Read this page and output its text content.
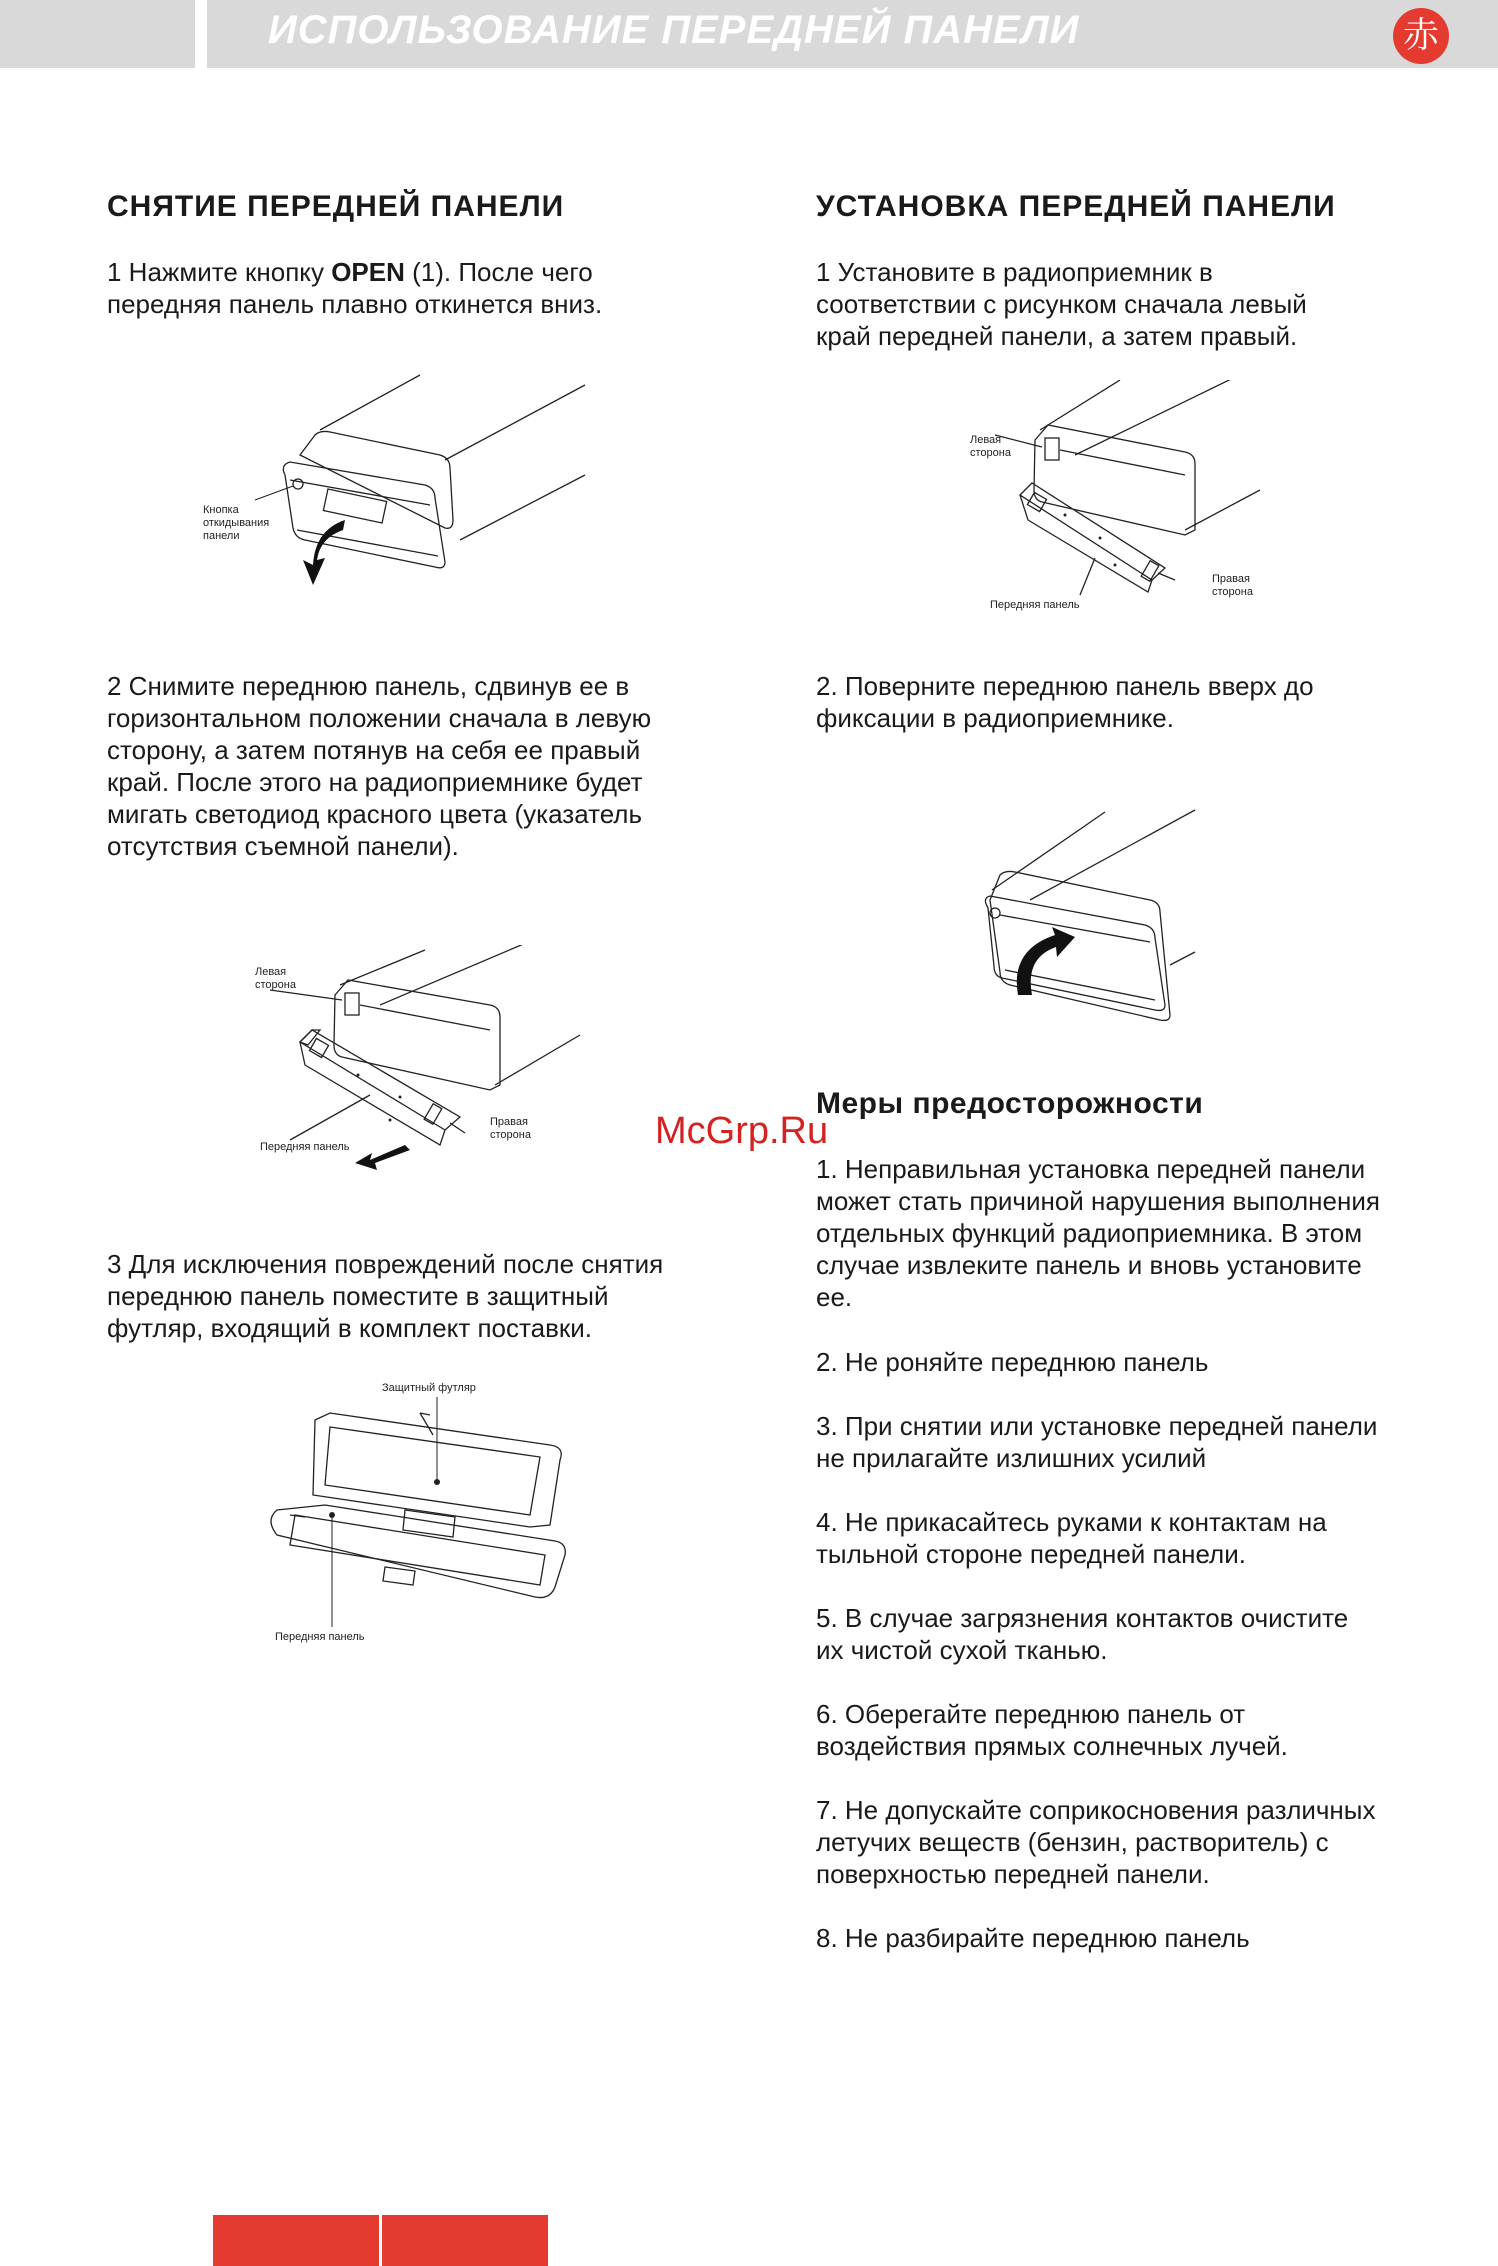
ИСПОЛЬЗОВАНИЕ ПЕРЕДНЕЙ ПАНЕЛИ	赤
СНЯТИЕ ПЕРЕДНЕЙ ПАНЕЛИ
1 Нажмите кнопку OPEN (1). После чего
передняя панель плавно откинется вниз.
Кнопка
откидывания
панели
2 Снимите переднюю панель, сдвинув ее в
горизонтальном положении сначала в левую
сторону, а затем потянув на себя ее правый
край. После этого на радиоприемнике будет
мигать светодиод красного цвета (указатель
отсутствия съемной панели).
Левая
сторона
Правая
сторона
Передняя панель
3 Для исключения повреждений после снятия
переднюю панель поместите в защитный
футляр, входящий в комплект поставки.
Защитный футляр
Передняя панель
УСТАНОВКА ПЕРЕДНЕЙ ПАНЕЛИ
1 Установите в радиоприемник в
соответствии с рисунком сначала левый
край передней панели, а затем правый.
Левая
сторона
Правая
сторона
Передняя панель
2. Поверните переднюю панель вверх до
фиксации в радиоприемнике.
McGrp.Ru
Меры предосторожности
1. Неправильная установка передней панели
может стать причиной нарушения выполнения
отдельных функций радиоприемника. В этом
случае извлеките панель и вновь установите
ее.
2. Не роняйте переднюю панель
3. При снятии или установке передней панели
не прилагайте излишних усилий
4. Не прикасайтесь руками к контактам на
тыльной стороне передней панели.
5. В случае загрязнения контактов очистите
их чистой сухой тканью.
6. Оберегайте переднюю панель от
воздействия прямых солнечных лучей.
7. Не допускайте соприкосновения различных
летучих веществ (бензин, растворитель) с
поверхностью передней панели.
8. Не разбирайте переднюю панель
